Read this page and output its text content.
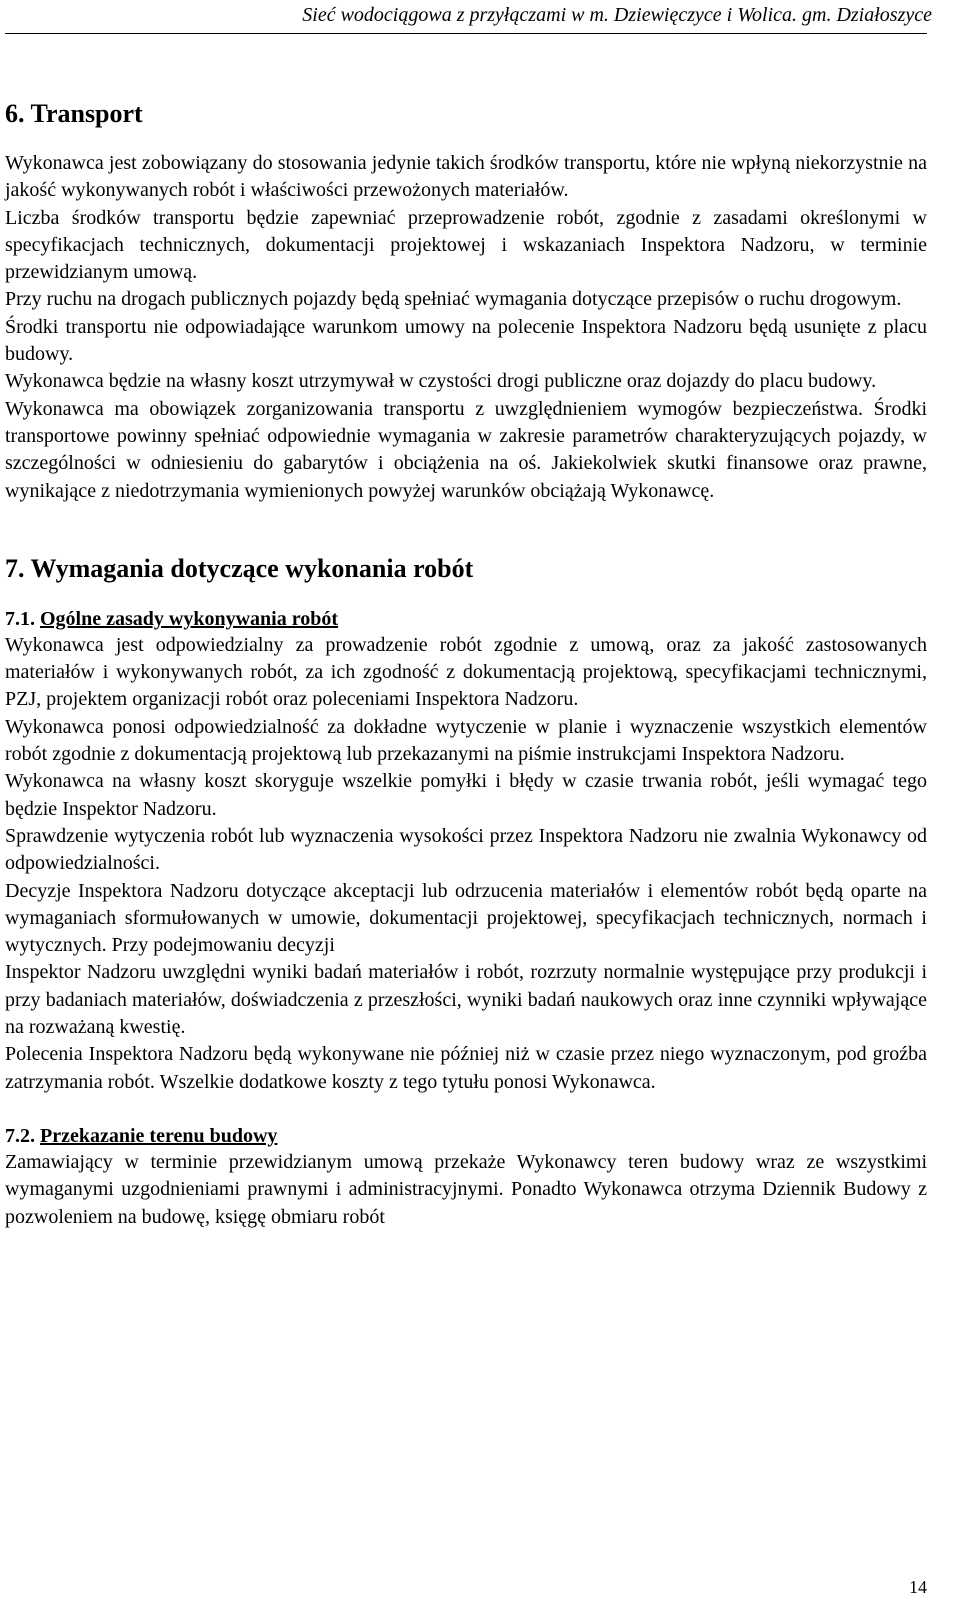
Sieć wodociągowa z przyłączami w m. Dziewięczyce i Wolica. gm. Działoszyce
6. Transport

Wykonawca jest zobowiązany do stosowania jedynie takich środków transportu, które nie wpłyną niekorzystnie na jakość wykonywanych robót i właściwości przewożonych materiałów.

Liczba środków transportu będzie zapewniać przeprowadzenie robót, zgodnie z zasadami określonymi w specyfikacjach technicznych, dokumentacji projektowej i wskazaniach Inspektora Nadzoru, w terminie przewidzianym umową.

Przy ruchu na drogach publicznych pojazdy będą spełniać wymagania dotyczące przepisów o ruchu drogowym.

Środki transportu nie odpowiadające warunkom umowy na polecenie Inspektora Nadzoru będą usunięte z placu budowy.

Wykonawca będzie na własny koszt utrzymywał w czystości drogi publiczne oraz dojazdy do placu budowy.

Wykonawca ma obowiązek zorganizowania transportu z uwzględnieniem wymogów bezpieczeństwa. Środki transportowe powinny spełniać odpowiednie wymagania w zakresie parametrów charakteryzujących pojazdy, w szczególności w odniesieniu do gabarytów i obciążenia na oś. Jakiekolwiek skutki finansowe oraz prawne, wynikające z niedotrzymania wymienionych powyżej warunków obciążają Wykonawcę.

7. Wymagania dotyczące wykonania robót
7.1. Ogólne zasady wykonywania robót

Wykonawca jest odpowiedzialny za prowadzenie robót zgodnie z umową, oraz za jakość zastosowanych materiałów i wykonywanych robót, za ich zgodność z dokumentacją projektową, specyfikacjami technicznymi, PZJ, projektem organizacji robót oraz poleceniami Inspektora Nadzoru.

Wykonawca ponosi odpowiedzialność za dokładne wytyczenie w planie i wyznaczenie wszystkich elementów robót zgodnie z dokumentacją projektową lub przekazanymi na piśmie instrukcjami Inspektora Nadzoru.

Wykonawca na własny koszt skoryguje wszelkie pomyłki i błędy w czasie trwania robót, jeśli wymagać tego będzie Inspektor Nadzoru.

Sprawdzenie wytyczenia robót lub wyznaczenia wysokości przez Inspektora Nadzoru nie zwalnia Wykonawcy od odpowiedzialności.

Decyzje Inspektora Nadzoru dotyczące akceptacji lub odrzucenia materiałów i elementów robót będą oparte na wymaganiach sformułowanych w umowie, dokumentacji projektowej, specyfikacjach technicznych, normach i wytycznych. Przy podejmowaniu decyzji

Inspektor Nadzoru uwzględni wyniki badań materiałów i robót, rozrzuty normalnie występujące przy produkcji i przy badaniach materiałów, doświadczenia z przeszłości, wyniki badań naukowych oraz inne czynniki wpływające na rozważaną kwestię.

Polecenia Inspektora Nadzoru będą wykonywane nie później niż w czasie przez niego wyznaczonym, pod groźba zatrzymania robót. Wszelkie dodatkowe koszty z tego tytułu ponosi Wykonawca.

7.2. Przekazanie terenu budowy

Zamawiający w terminie przewidzianym umową przekaże Wykonawcy teren budowy wraz ze wszystkimi wymaganymi uzgodnieniami prawnymi i administracyjnymi. Ponadto Wykonawca otrzyma Dziennik Budowy z pozwoleniem na budowę, księgę obmiaru robót

14
